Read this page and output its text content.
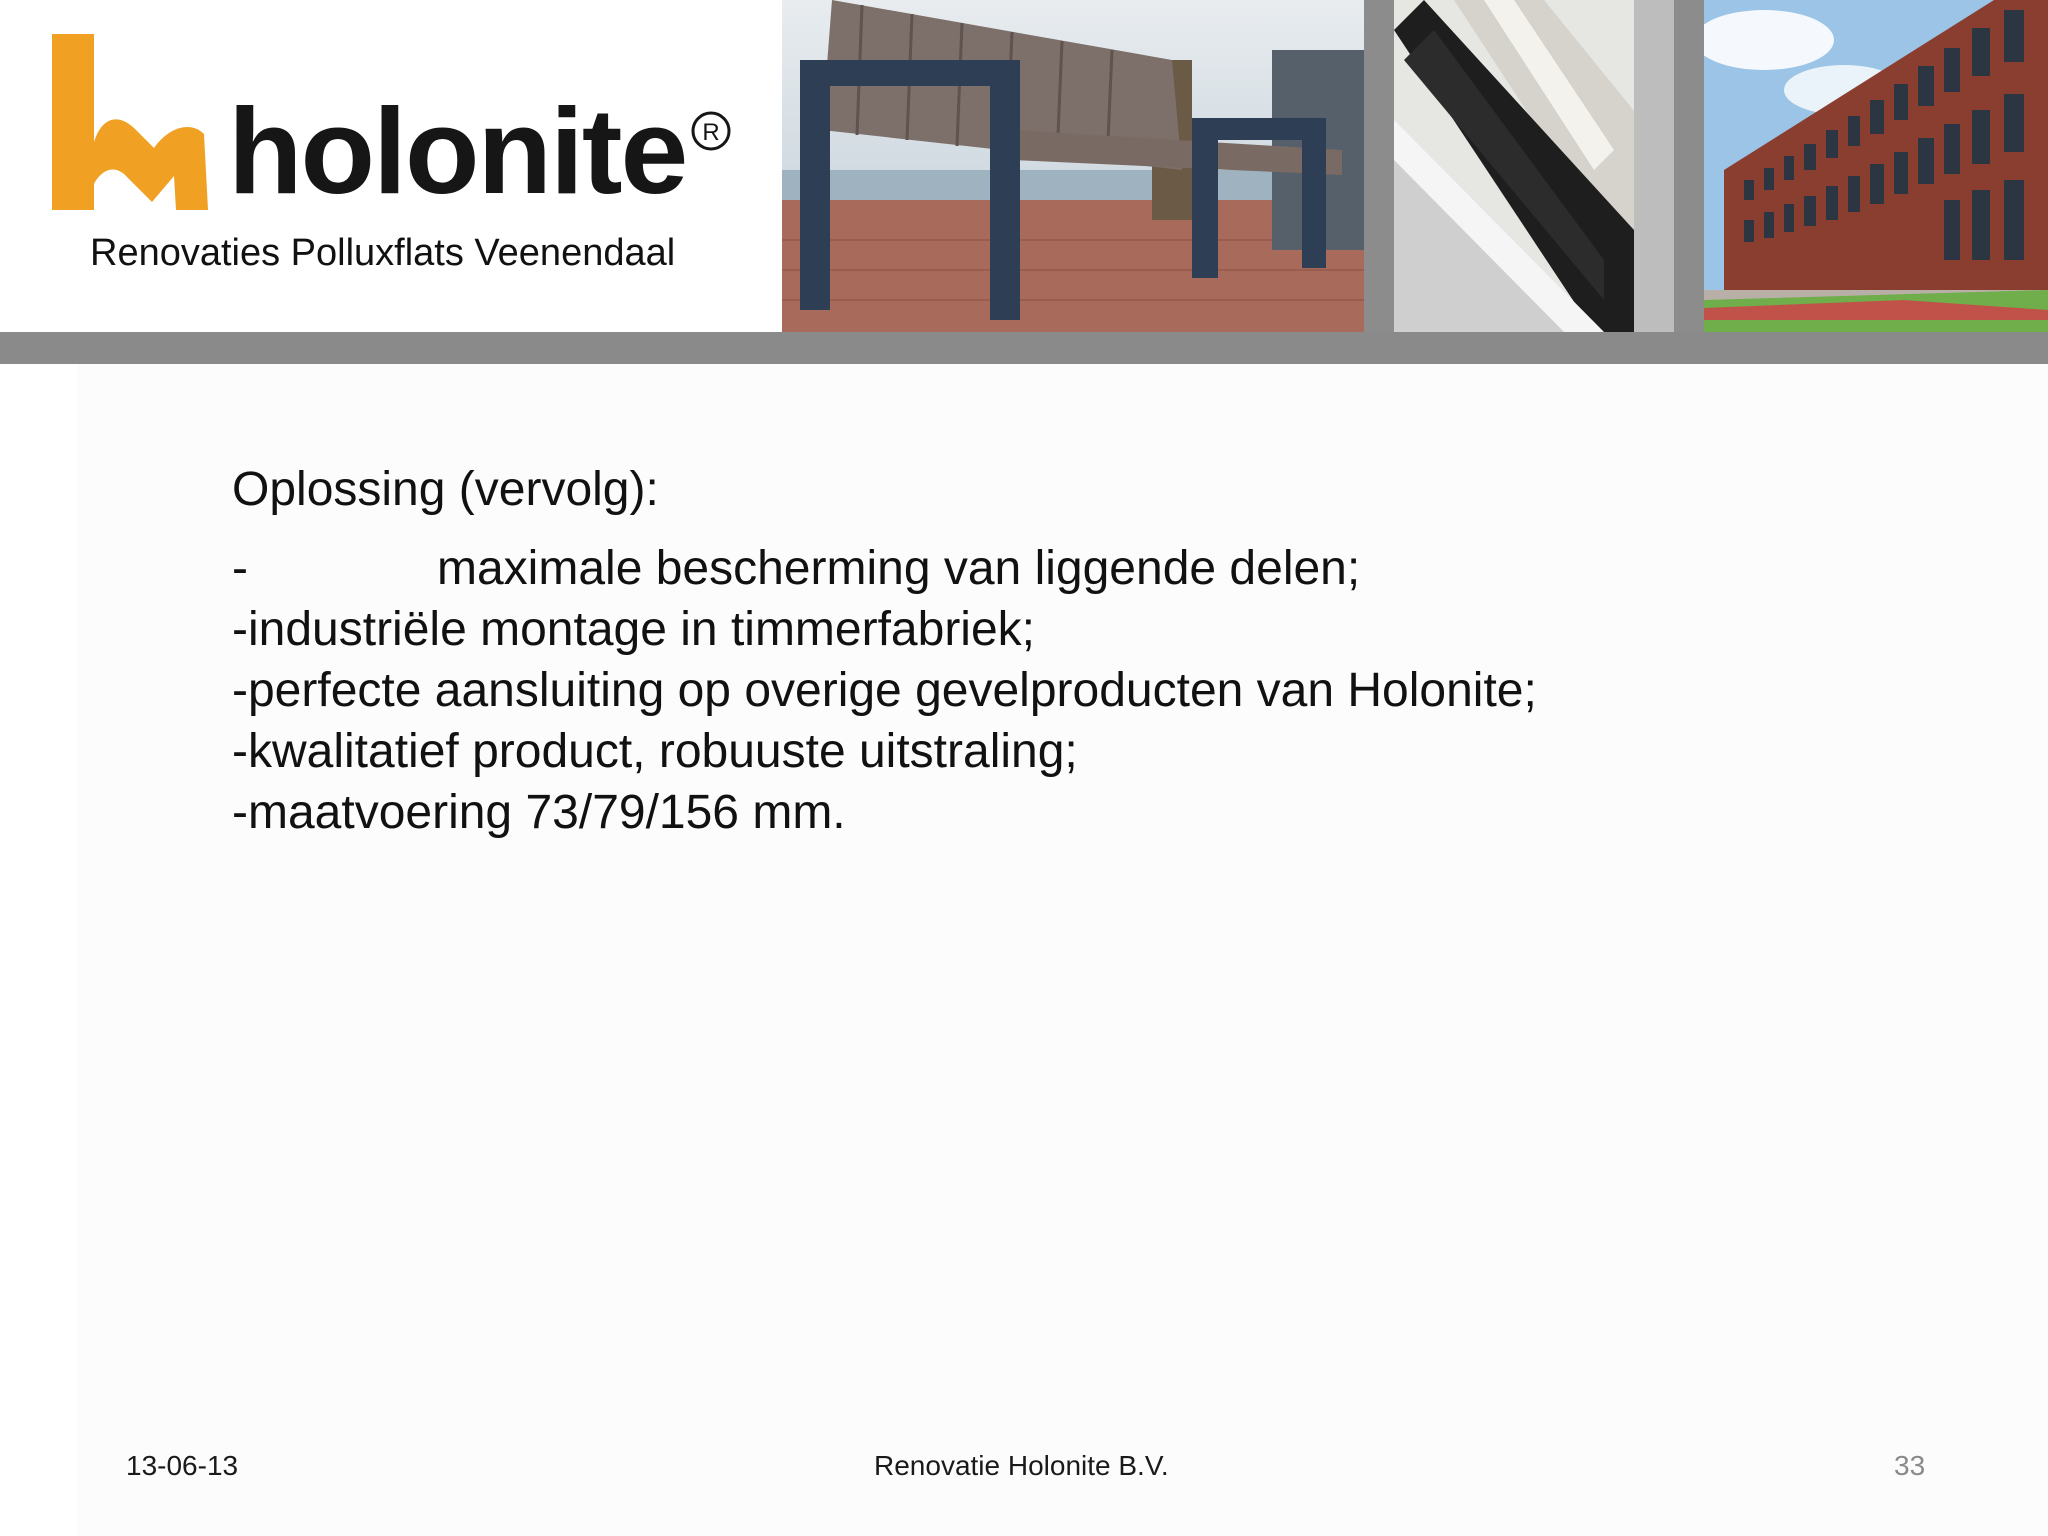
holonite R
Renovaties Polluxflats Veenendaal
Oplossing (vervolg):
-	maximale bescherming van liggende delen;
-industriële montage in timmerfabriek;
-perfecte aansluiting op overige gevelproducten van Holonite;
-kwalitatief product, robuuste uitstraling;
-maatvoering 73/79/156 mm.
13-06-13	Renovatie Holonite B.V.	33
